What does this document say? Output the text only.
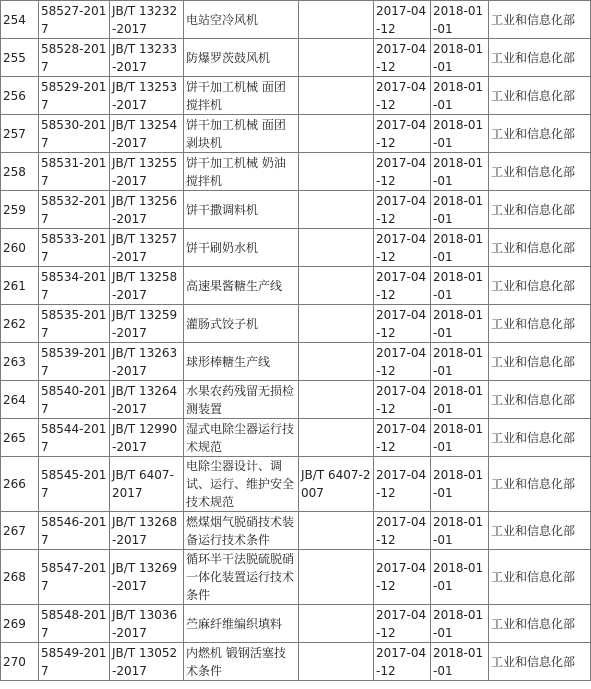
254	58527-2017	JB/T 13232-2017	电站空冷风机		2017-04-12	2018-01-01	工业和信息化部
255	58528-2017	JB/T 13233-2017	防爆罗茨鼓风机		2017-04-12	2018-01-01	工业和信息化部
256	58529-2017	JB/T 13253-2017	饼干加工机械 面团搅拌机		2017-04-12	2018-01-01	工业和信息化部
257	58530-2017	JB/T 13254-2017	饼干加工机械 面团剥块机		2017-04-12	2018-01-01	工业和信息化部
258	58531-2017	JB/T 13255-2017	饼干加工机械 奶油搅拌机		2017-04-12	2018-01-01	工业和信息化部
259	58532-2017	JB/T 13256-2017	饼干撒调料机		2017-04-12	2018-01-01	工业和信息化部
260	58533-2017	JB/T 13257-2017	饼干刷奶水机		2017-04-12	2018-01-01	工业和信息化部
261	58534-2017	JB/T 13258-2017	高速果酱糖生产线		2017-04-12	2018-01-01	工业和信息化部
262	58535-2017	JB/T 13259-2017	灌肠式饺子机		2017-04-12	2018-01-01	工业和信息化部
263	58539-2017	JB/T 13263-2017	球形棒糖生产线		2017-04-12	2018-01-01	工业和信息化部
264	58540-2017	JB/T 13264-2017	水果农药残留无损检测装置		2017-04-12	2018-01-01	工业和信息化部
265	58544-2017	JB/T 12990-2017	湿式电除尘器运行技术规范		2017-04-12	2018-01-01	工业和信息化部
266	58545-2017	JB/T 6407-2017	电除尘器设计、调试、运行、维护安全技术规范	JB/T 6407-2007	2017-04-12	2018-01-01	工业和信息化部
267	58546-2017	JB/T 13268-2017	燃煤烟气脱硝技术装备运行技术条件		2017-04-12	2018-01-01	工业和信息化部
268	58547-2017	JB/T 13269-2017	循环半干法脱硫脱硝一体化装置运行技术条件		2017-04-12	2018-01-01	工业和信息化部
269	58548-2017	JB/T 13036-2017	苎麻纤维编织填料		2017-04-12	2018-01-01	工业和信息化部
270	58549-2017	JB/T 13052-2017	内燃机 锻钢活塞技术条件		2017-04-12	2018-01-01	工业和信息化部
